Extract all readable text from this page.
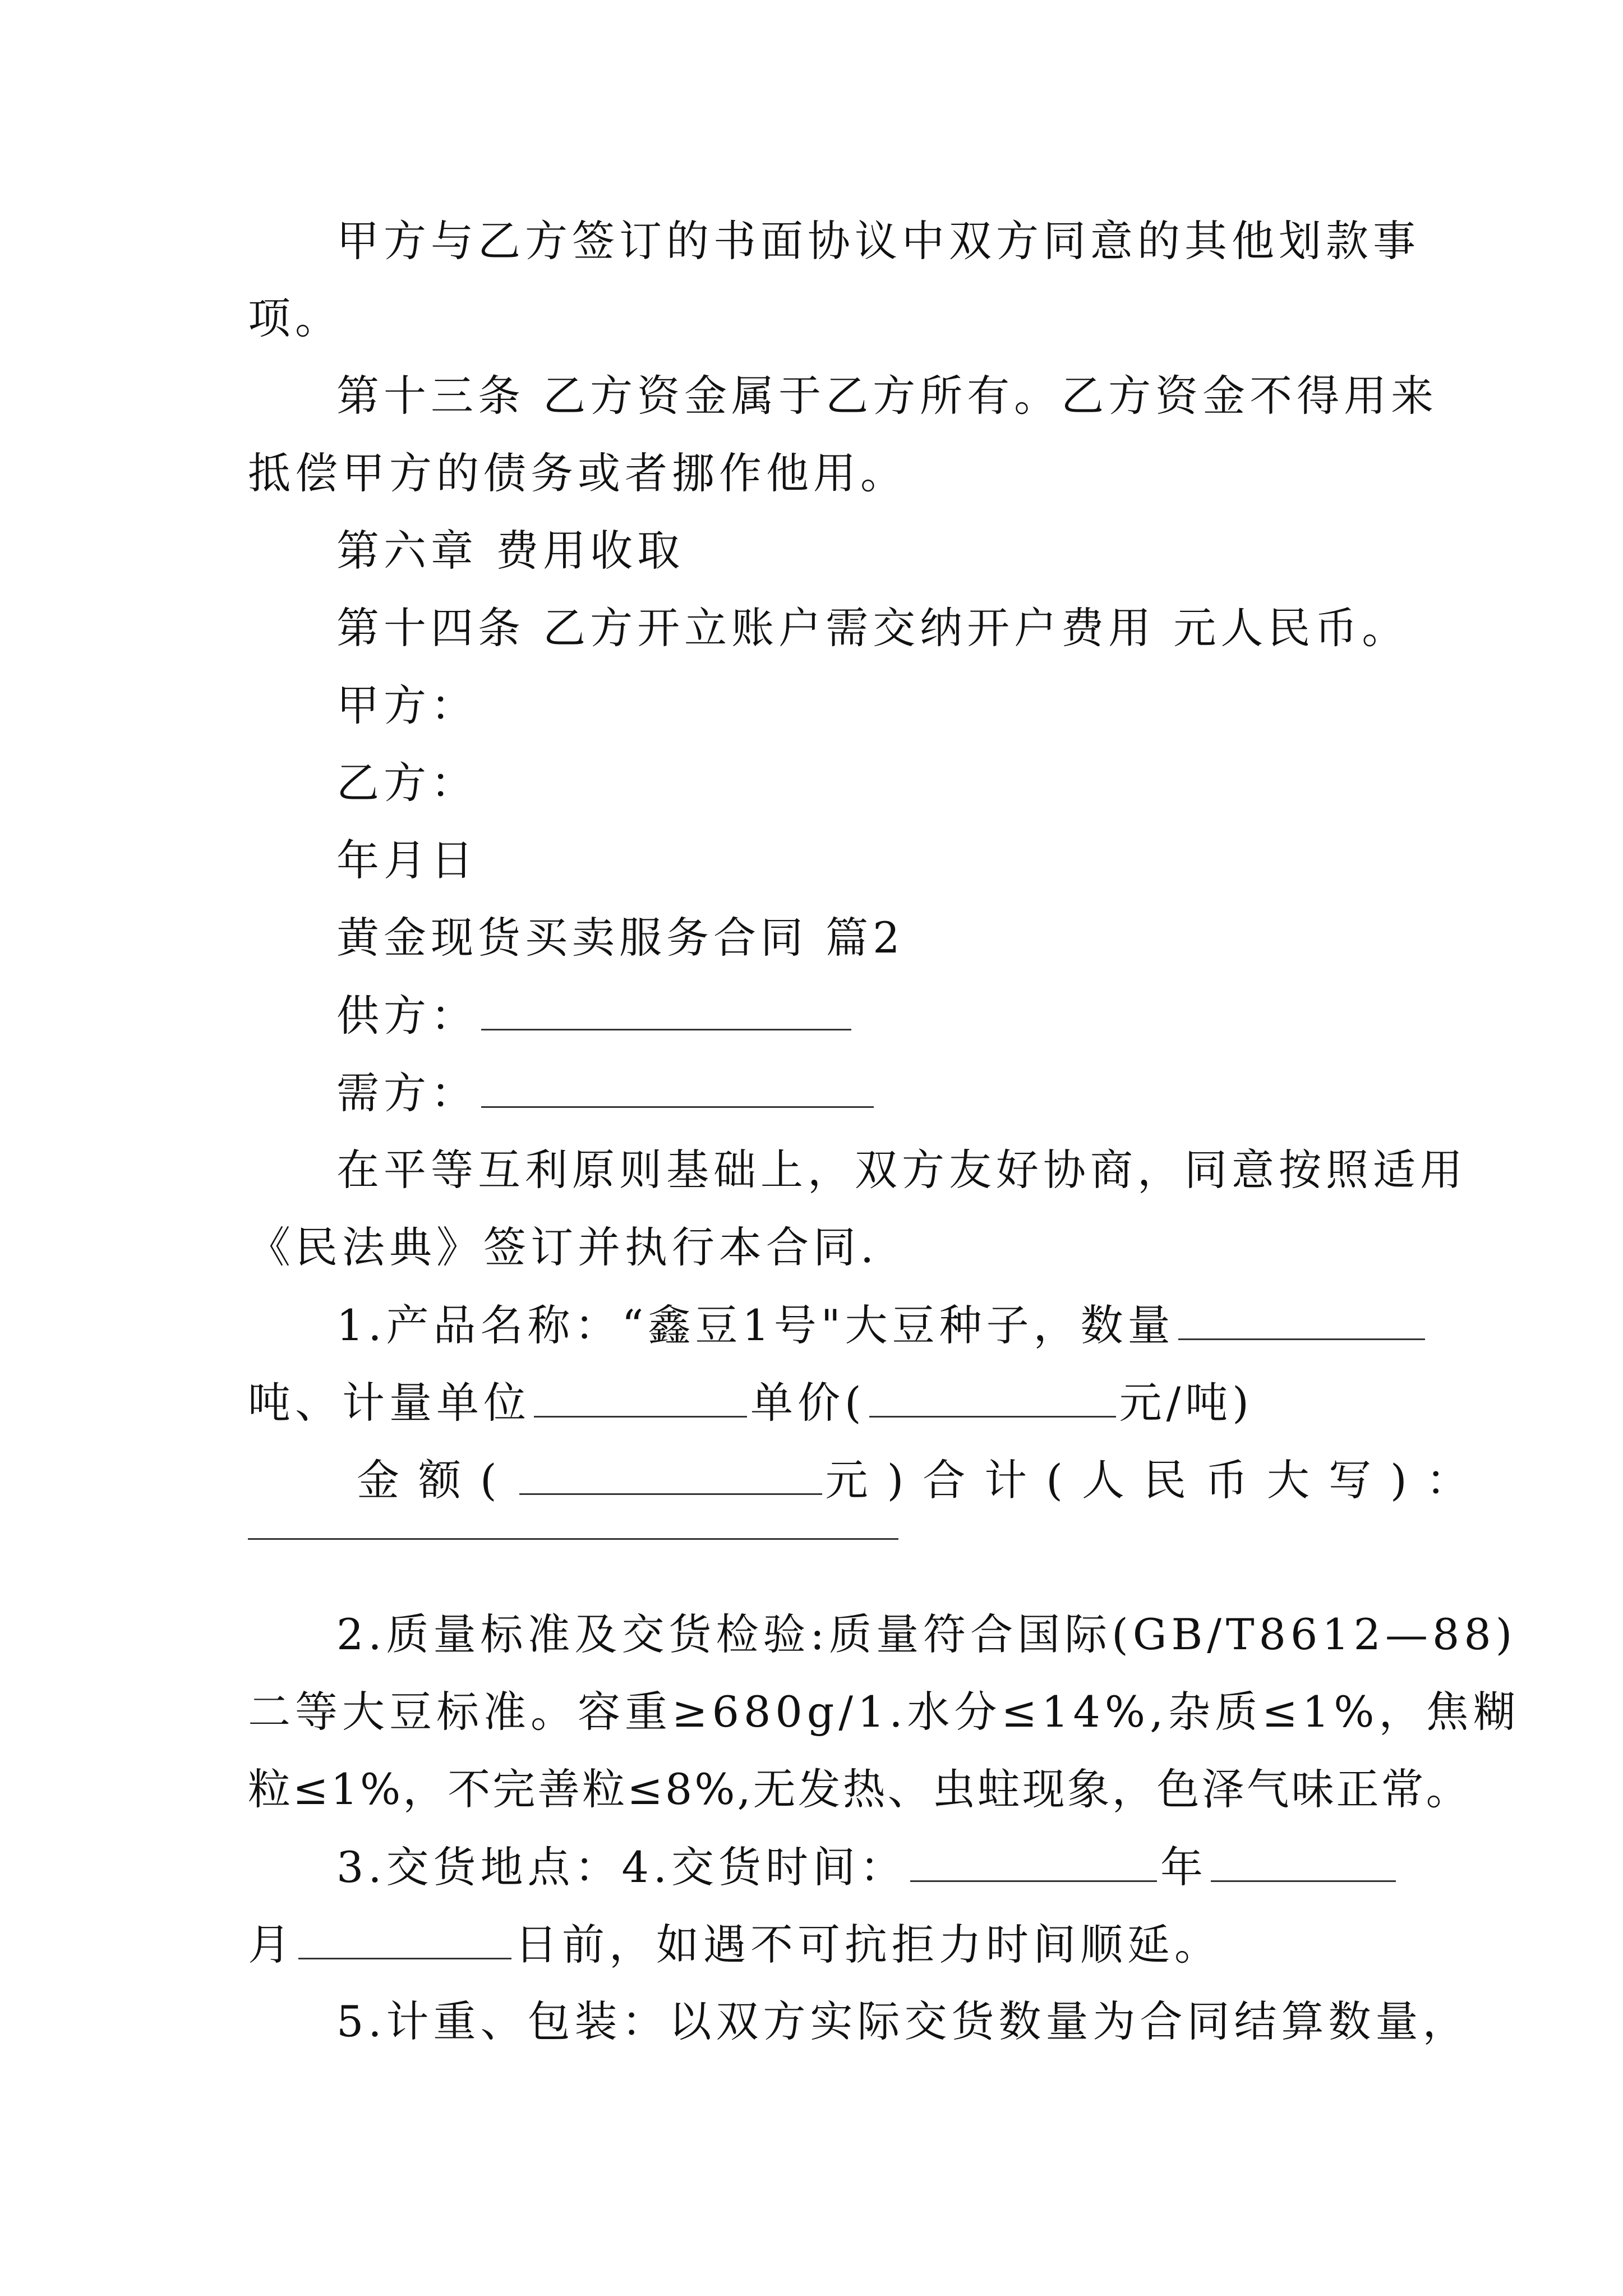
甲方与乙方签订的书面协议中双方同意的其他划款事
项。
第十三条 乙方资金属于乙方所有。乙方资金不得用来
抵偿甲方的债务或者挪作他用。
第六章 费用收取
第十四条 乙方开立账户需交纳开户费用 元人民币。
甲方：
乙方：
年月日
黄金现货买卖服务合同 篇2
供方：
需方：
在平等互利原则基础上，双方友好协商，同意按照适用
《民法典》签订并执行本合同.
1.产品名称：“鑫豆1号"大豆种子，数量
吨、计量单位	单价(	元/吨)
金额(	元)合计(人民币大写)：
2.质量标准及交货检验:质量符合国际(GB/T8612—88)
二等大豆标准。容重≥680g/1.水分≤14%,杂质≤1%，焦糊
粒≤1%，不完善粒≤8%,无发热、虫蛀现象，色泽气味正常。
3.交货地点：4.交货时间：	年
月	日前，如遇不可抗拒力时间顺延。
5.计重、包装：以双方实际交货数量为合同结算数量，
